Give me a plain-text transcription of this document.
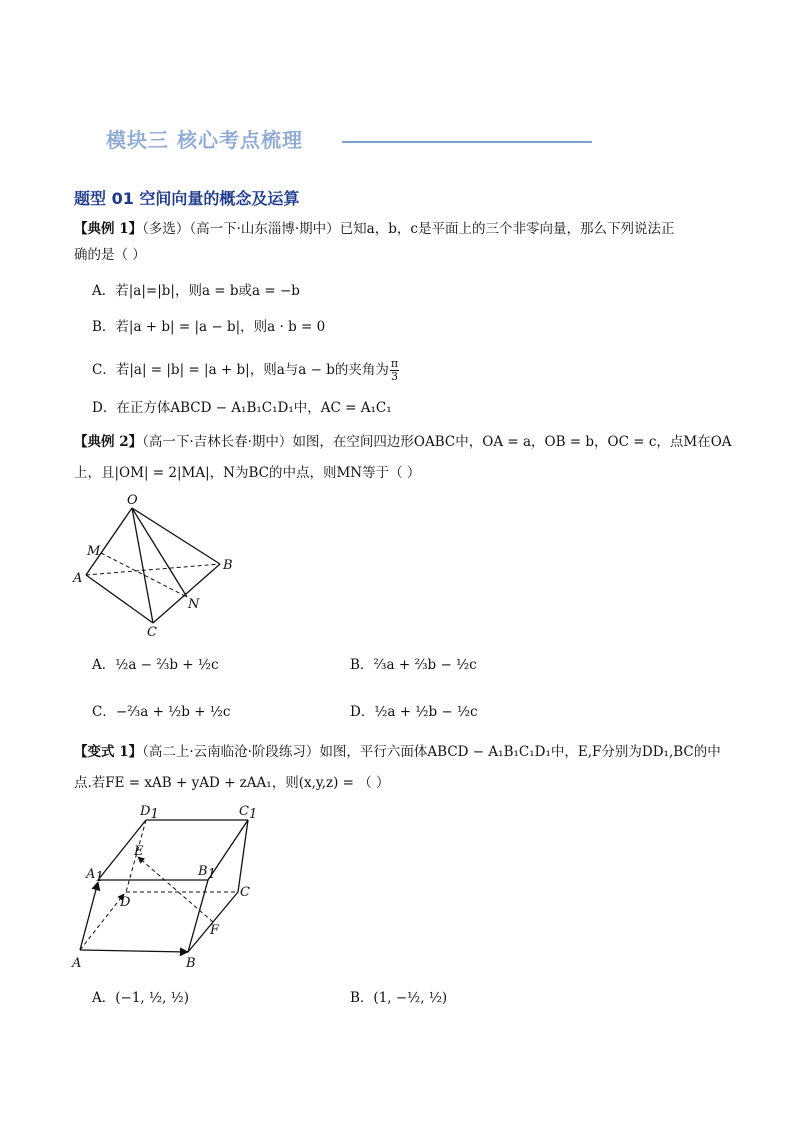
模块三 核心考点梳理
题型 01 空间向量的概念及运算
【典例 1】（多选）（高一下·山东淄博·期中）已知a，b，c是平面上的三个非零向量，那么下列说法正
确的是（ ）
A．若|a|=|b|，则a = b或a = −b
B．若|a + b| = |a − b|，则a · b = 0
C．若|a| = |b| = |a + b|，则a与a − b的夹角为 $\frac{\pi}{3}$
D．在正方体ABCD − A₁B₁C₁D₁中，AC = A₁C₁
【典例 2】（高一下·吉林长春·期中）如图，在空间四边形OABC中，OA = a，OB = b，OC = c，点M在OA
上，且|OM| = 2|MA|，N为BC的中点，则MN等于（ ）
O
M
A
B
N
C
A．½a − ⅔b + ½c	B．⅔a + ⅔b − ½c
C．−⅔a + ½b + ½c	D．½a + ½b − ½c
【变式 1】（高二上·云南临沧·阶段练习）如图，平行六面体ABCD − A₁B₁C₁D₁中，E,F分别为DD₁,BC的中
点.若FE = xAB + yAD + zAA₁，则(x,y,z) = （ ）
D1	C1
E
A1	B1
D
C
F
A	B
A．(−1, ½, ½)	B．(1, −½, ½)
